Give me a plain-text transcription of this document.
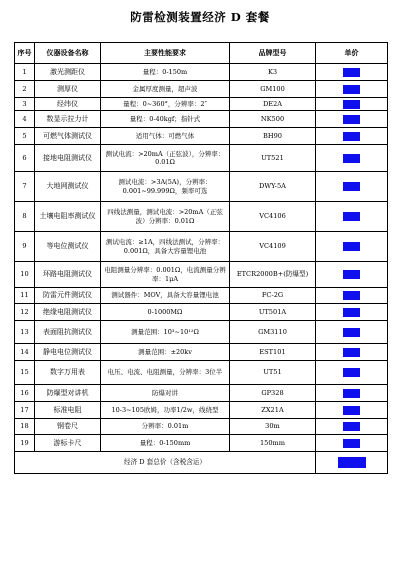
防雷检测装置经济 D 套餐
序号	仪器设备名称	主要性能要求	品牌型号	单价
1	激光测距仪	量程：0-150m	K3	
2	测厚仪	金属厚度测量，超声波	GM100	
3	经纬仪	量程：0~360°，分辨率：2″	DE2A	
4	数显示拉力计	量程：0-40kgf；指针式	NK500	
5	可燃气体测试仪	适用气体：可燃气体	BH90	
6	接地电阻测试仪	测试电流：>20mA（正弦波），分辨率：0.01Ω	UT521	
7	大地网测试仪	测试电流：>3A(5A)，分辨率：0.001~99.999Ω，频率可选	DWY-5A	
8	土壤电阻率测试仪	四线法测量，测试电流：>20mA（正弦波）分辨率：0.01Ω	VC4106	
9	等电位测试仪	测试电流：≥1A，四线法测试，分辨率：0.001Ω，具备大容量锂电池	VC4109	
10	环路电阻测试仪	电阻测量分辨率：0.001Ω，电流测量分辨率：1μA	ETCR2000B+(防爆型)	
11	防雷元件测试仪	测试器件：MOV，具备大容量锂电池	FC-2G	
12	绝缘电阻测试仪	0-1000MΩ	UT501A	
13	表面阻抗测试仪	测量范围：10³~10¹²Ω	GM3110	
14	静电电位测试仪	测量范围：±20kv	EST101	
15	数字万用表	电压、电流、电阻测量，分辨率：3位半	UT51	
16	防爆型对讲机	防爆对讲	GP328	
17	标准电阻	10-3~105欧姆，功率1/2w，线绕型	ZX21A	
18	钢卷尺	分辨率：0.01m	30m	
19	游标卡尺	量程：0-150mm	150mm	
经济 D 套总价（含税含运）				
